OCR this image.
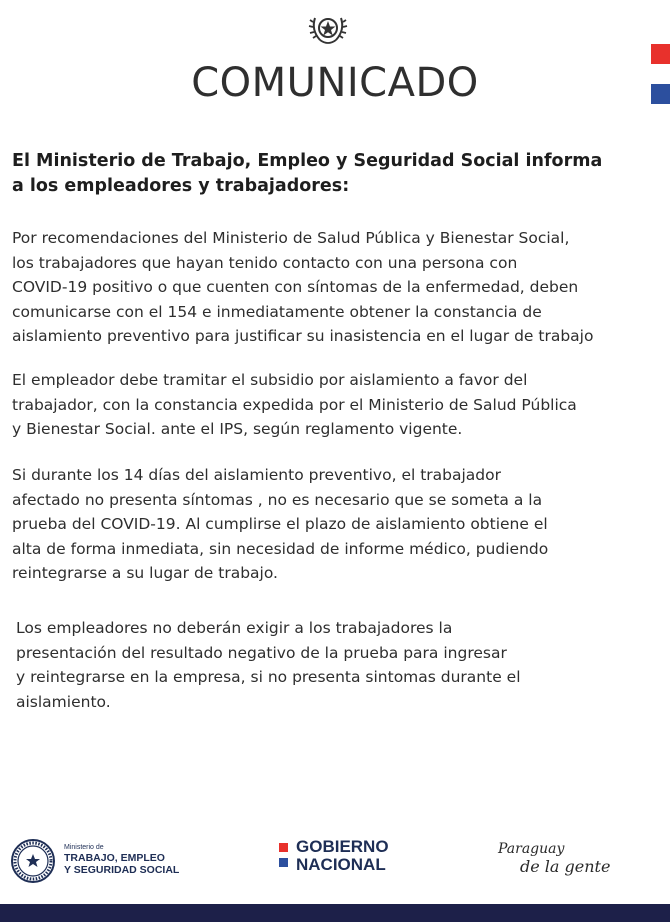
COMUNICADO
El Ministerio de Trabajo, Empleo y Seguridad Social informa
a los empleadores y trabajadores:
Por recomendaciones del Ministerio de Salud Pública y Bienestar Social,
los trabajadores que hayan tenido contacto con una persona con
COVID-19 positivo o que cuenten con síntomas de la enfermedad, deben
comunicarse con el 154 e inmediatamente obtener la constancia de
aislamiento preventivo para justificar su inasistencia en el lugar de trabajo
El empleador debe tramitar el subsidio por aislamiento a favor del
trabajador, con la constancia expedida por el Ministerio de Salud Pública
y Bienestar Social. ante el IPS, según reglamento vigente.
Si durante los 14 días del aislamiento preventivo, el trabajador
afectado no presenta síntomas , no es necesario que se someta a la
prueba del COVID-19. Al cumplirse el plazo de aislamiento obtiene el
alta de forma inmediata, sin necesidad de informe médico, pudiendo
reintegrarse a su lugar de trabajo.
Los empleadores no deberán exigir a los trabajadores la
presentación del resultado negativo de la prueba para ingresar
y reintegrarse en la empresa, si no presenta sintomas durante el
aislamiento.
Ministerio de
TRABAJO, EMPLEO
Y SEGURIDAD SOCIAL
GOBIERNO
NACIONAL
Paraguay
de la gente
